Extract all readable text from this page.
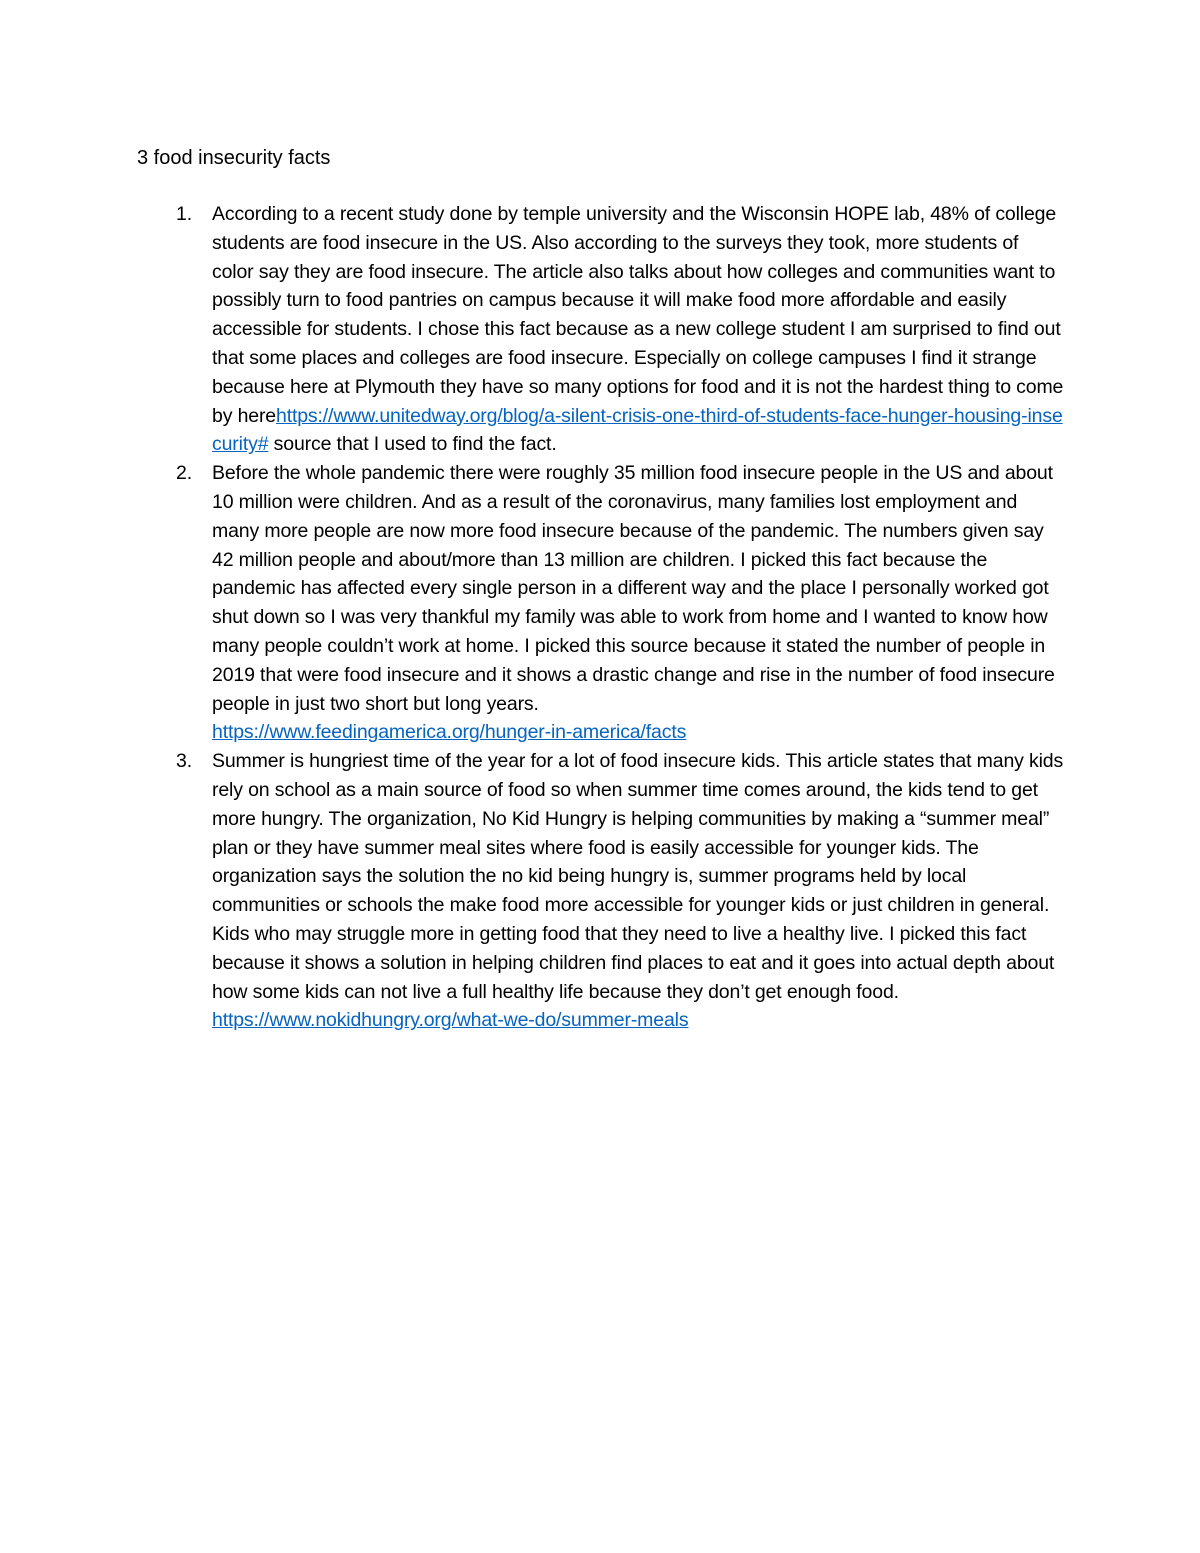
3 food insecurity facts
1.	According to a recent study done by temple university and the Wisconsin HOPE lab, 48% of college students are food insecure in the US. Also according to the surveys they took, more students of color say they are food insecure. The article also talks about how colleges and communities want to possibly turn to food pantries on campus because it will make food more affordable and easily accessible for students. I chose this fact because as a new college student I am surprised to find out that some places and colleges are food insecure. Especially on college campuses I find it strange because here at Plymouth they have so many options for food and it is not the hardest thing to come by herehttps://www.unitedway.org/blog/a-silent-crisis-one-third-of-students-face-hunger-housing-insecurity# source that I used to find the fact.
2.	Before the whole pandemic there were roughly 35 million food insecure people in the US and about 10 million were children. And as a result of the coronavirus, many families lost employment and many more people are now more food insecure because of the pandemic. The numbers given say 42 million people and about/more than 13 million are children. I picked this fact because the pandemic has affected every single person in a different way and the place I personally worked got shut down so I was very thankful my family was able to work from home and I wanted to know how many people couldn’t work at home. I picked this source because it stated the number of people in 2019 that were food insecure and it shows a drastic change and rise in the number of food insecure people in just two short but long years.
https://www.feedingamerica.org/hunger-in-america/facts
3.	Summer is hungriest time of the year for a lot of food insecure kids. This article states that many kids rely on school as a main source of food so when summer time comes around, the kids tend to get more hungry. The organization, No Kid Hungry is helping communities by making a “summer meal” plan or they have summer meal sites where food is easily accessible for younger kids. The organization says the solution the no kid being hungry is, summer programs held by local communities or schools the make food more accessible for younger kids or just children in general. Kids who may struggle more in getting food that they need to live a healthy live. I picked this fact because it shows a solution in helping children find places to eat and it goes into actual depth about how some kids can not live a full healthy life because they don’t get enough food.
https://www.nokidhungry.org/what-we-do/summer-meals
